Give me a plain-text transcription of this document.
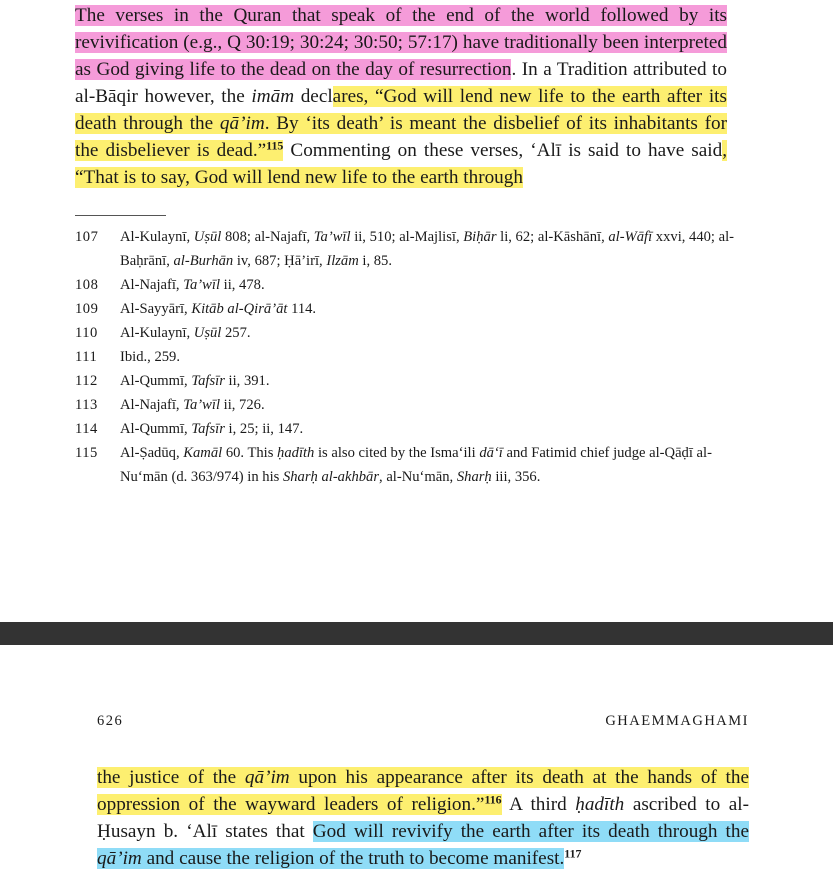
The verses in the Quran that speak of the end of the world followed by its revivification (e.g., Q 30:19; 30:24; 30:50; 57:17) have traditionally been interpreted as God giving life to the dead on the day of resurrection. In a Tradition attributed to al-Bāqir however, the imām declares, “God will lend new life to the earth after its death through the qā’im. By ‘its death’ is meant the disbelief of its inhabitants for the disbeliever is dead.”$^{115}$ Commenting on these verses, ‘Alī is said to have said, “That is to say, God will lend new life to the earth through

107	Al-Kulaynī, Uṣūl 808; al-Najafī, Ta’wīl ii, 510; al-Majlisī, Biḥār li, 62; al-Kāshānī, al-Wāfī xxvi, 440; al-Baḥrānī, al-Burhān iv, 687; Ḥā’irī, Ilzām i, 85.
108	Al-Najafī, Ta’wīl ii, 478.
109	Al-Sayyārī, Kitāb al-Qirā’āt 114.
110	Al-Kulaynī, Uṣūl 257.
111	Ibid., 259.
112	Al-Qummī, Tafsīr ii, 391.
113	Al-Najafī, Ta’wīl ii, 726.
114	Al-Qummī, Tafsīr i, 25; ii, 147.
115	Al-Ṣadūq, Kamāl 60. This ḥadīth is also cited by the Isma‘ili dā‘ī and Fatimid chief judge al-Qāḍī al-Nu‘mān (d. 363/974) in his Sharḥ al-akhbār, al-Nu‘mān, Sharḥ iii, 356.
626	GHAEMMAGHAMI

the justice of the qā’im upon his appearance after its death at the hands of the oppression of the wayward leaders of religion.”$^{116}$ A third ḥadīth ascribed to al-Ḥusayn b. ‘Alī states that God will revivify the earth after its death through the qā’im and cause the religion of the truth to become manifest.$^{117}$
